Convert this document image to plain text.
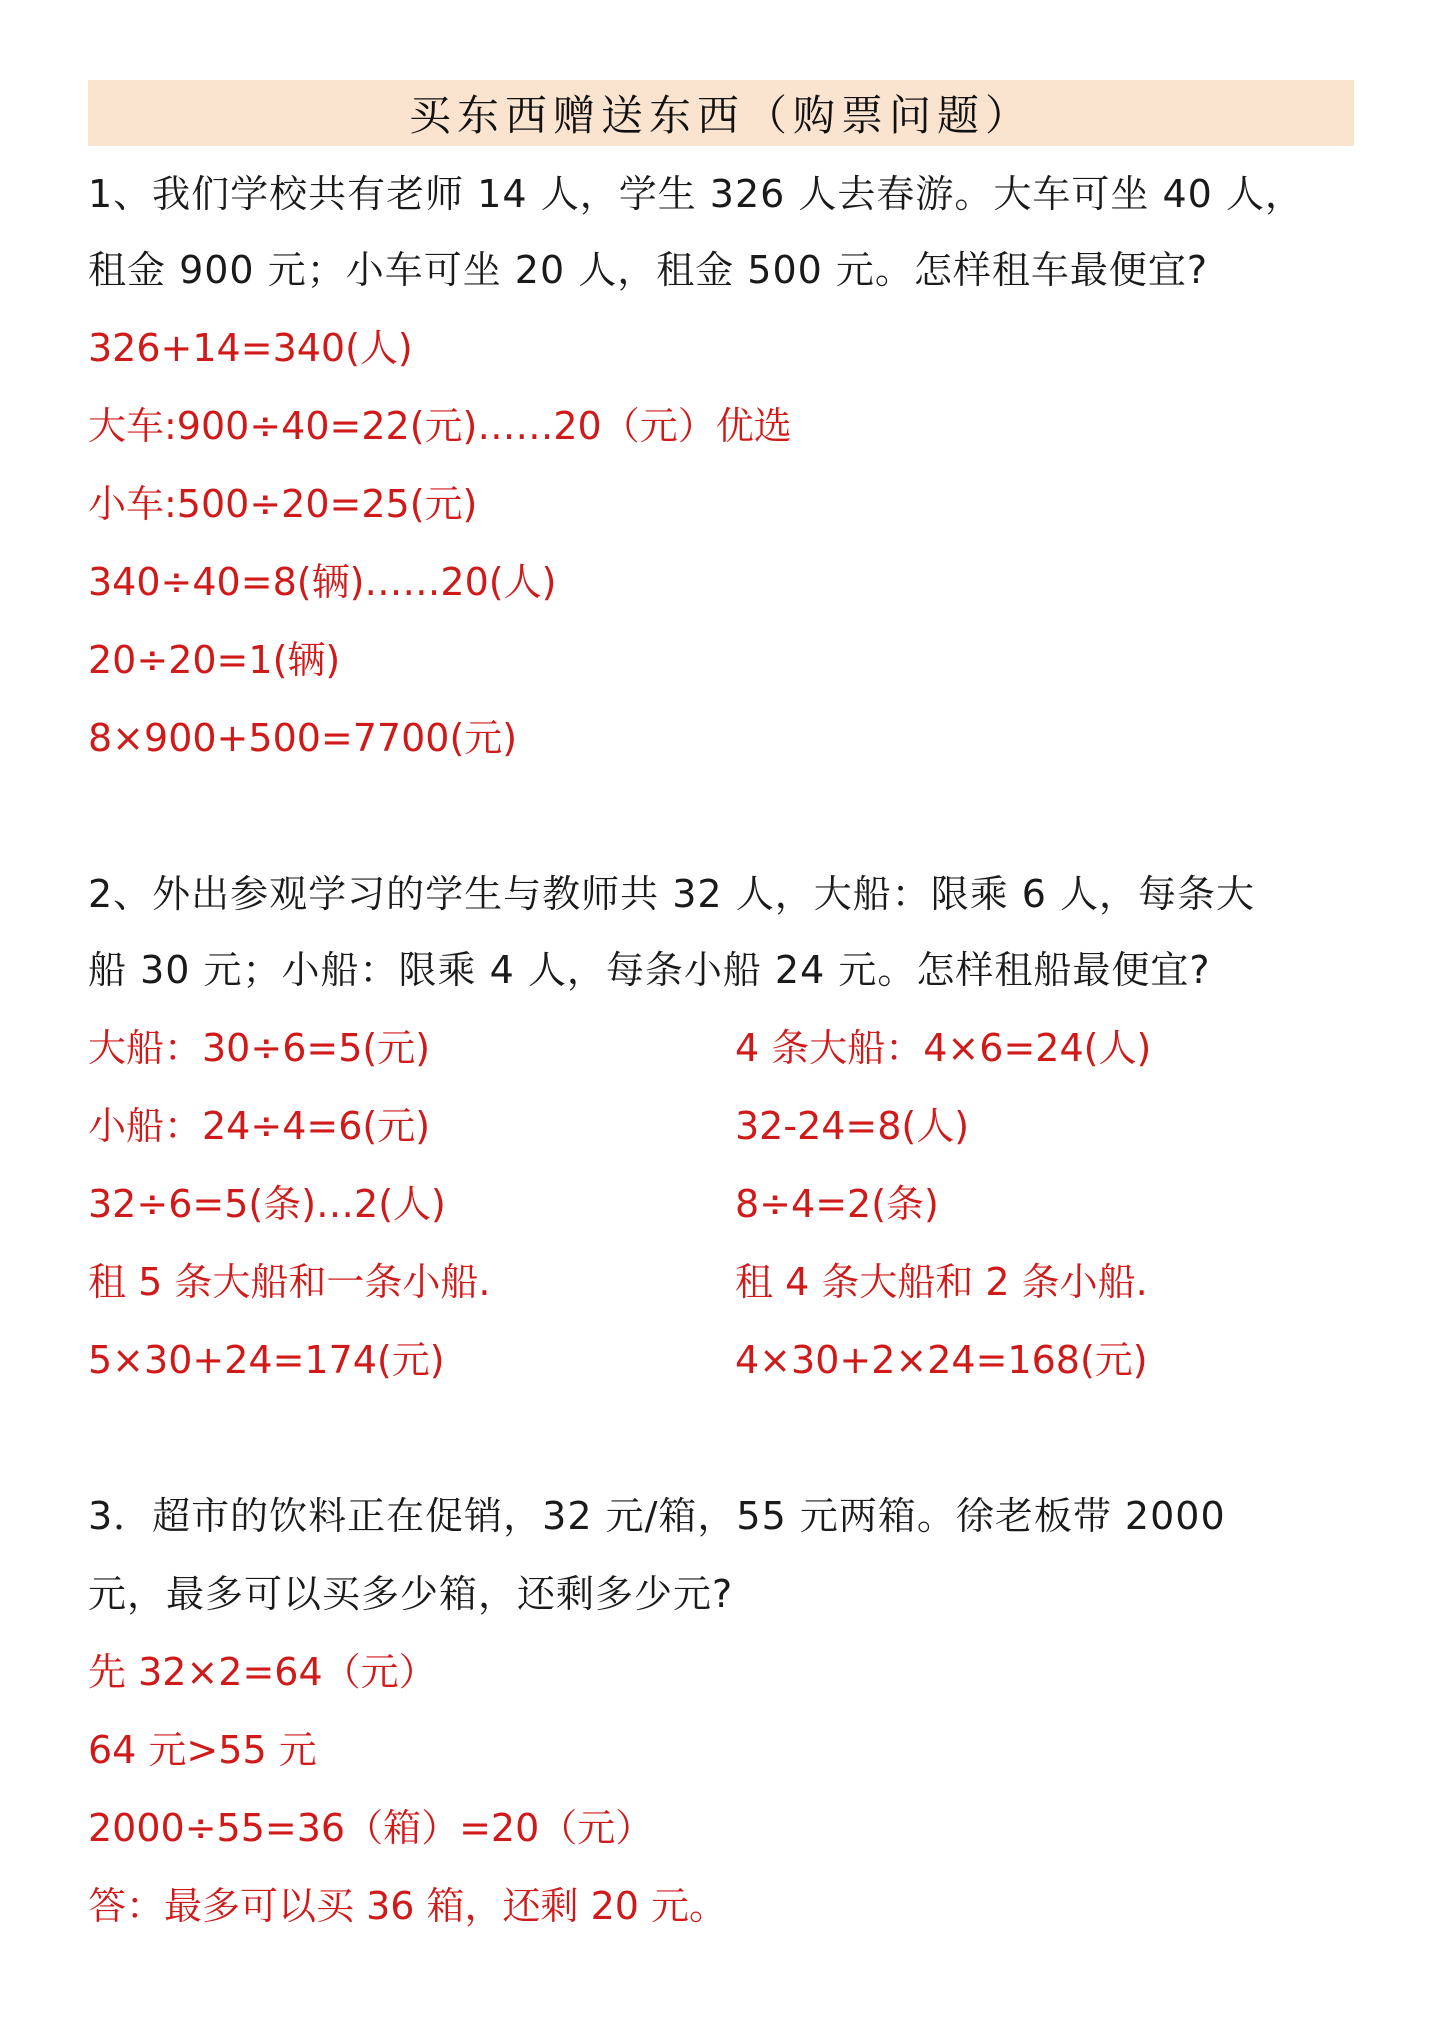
买东西赠送东西（购票问题）
1、我们学校共有老师 14 人，学生 326 人去春游。大车可坐 40 人，
租金 900 元；小车可坐 20 人，租金 500 元。怎样租车最便宜?
326+14=340(人)
大车:900÷40=22(元)……20（元）优选
小车:500÷20=25(元)
340÷40=8(辆)……20(人)
20÷20=1(辆)
8×900+500=7700(元)
2、外出参观学习的学生与教师共 32 人，大船：限乘 6 人，每条大
船 30 元；小船：限乘 4 人，每条小船 24 元。怎样租船最便宜?
大船：30÷6=5(元)
小船：24÷4=6(元)
32÷6=5(条)…2(人)
租 5 条大船和一条小船.
5×30+24=174(元)
4 条大船：4×6=24(人)
32-24=8(人)
8÷4=2(条)
租 4 条大船和 2 条小船.
4×30+2×24=168(元)
3．超市的饮料正在促销，32 元/箱，55 元两箱。徐老板带 2000
元，最多可以买多少箱，还剩多少元?
先 32×2=64（元）
64 元>55 元
2000÷55=36（箱）=20（元）
答：最多可以买 36 箱，还剩 20 元。
